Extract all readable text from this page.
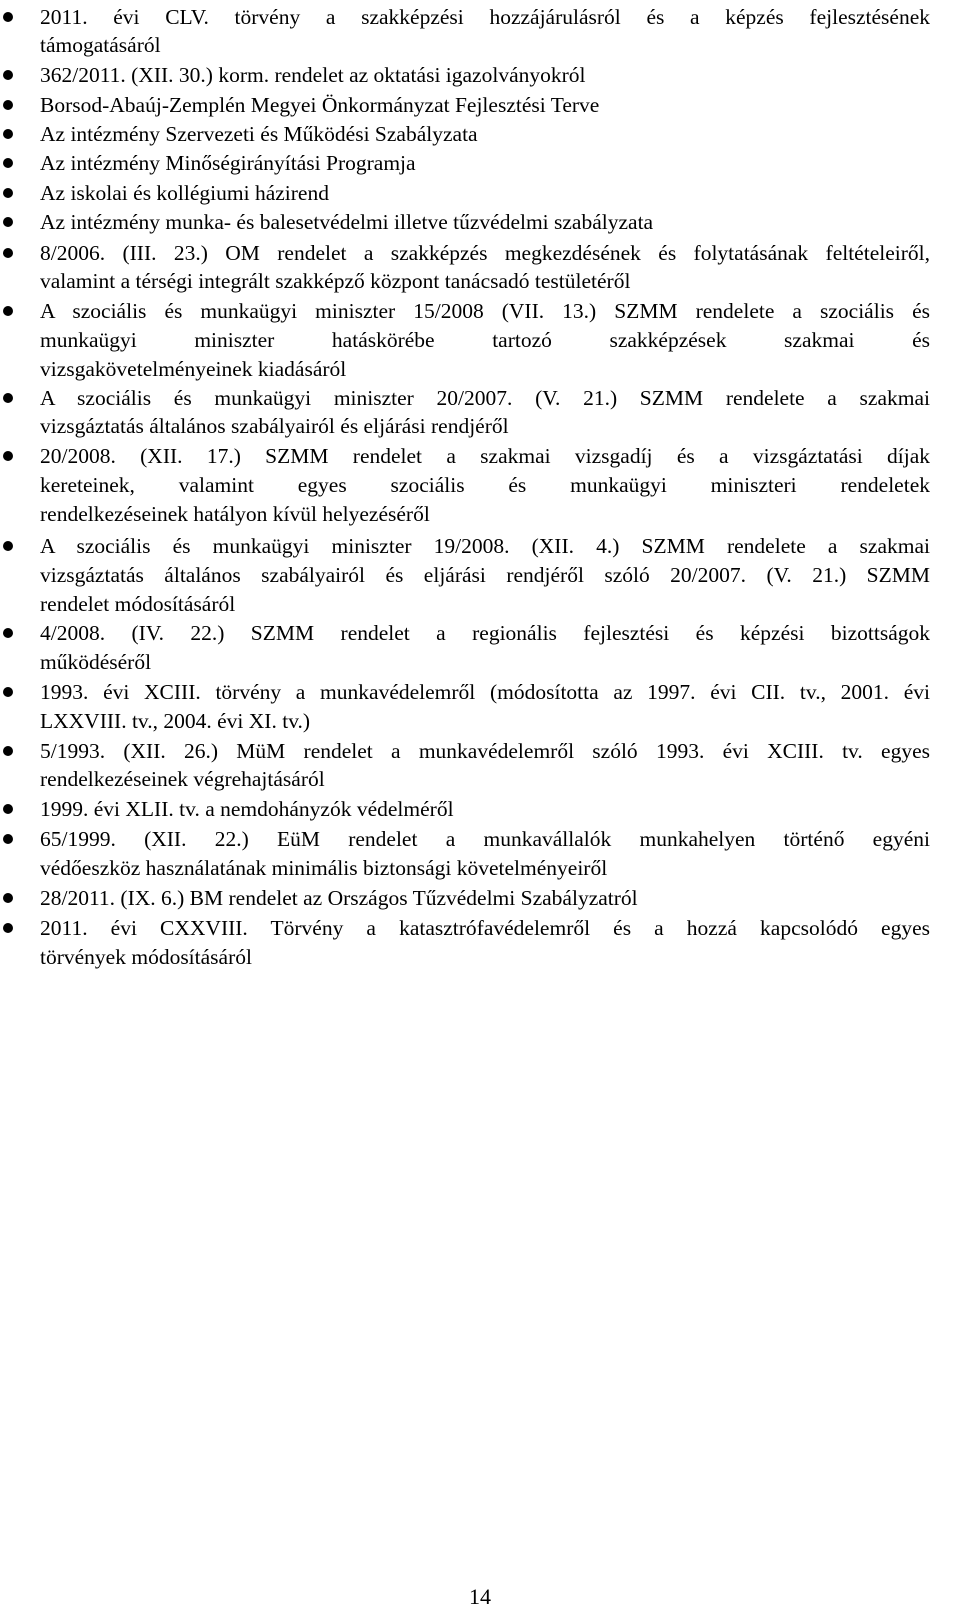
2011. évi CLV. törvény a szakképzési hozzájárulásról és a képzés fejlesztésének
támogatásáról
362/2011. (XII. 30.) korm. rendelet az oktatási igazolványokról
Borsod-Abaúj-Zemplén Megyei Önkormányzat Fejlesztési Terve
Az intézmény Szervezeti és Működési Szabályzata
Az intézmény Minőségirányítási Programja
Az iskolai és kollégiumi házirend
Az intézmény munka- és balesetvédelmi illetve tűzvédelmi szabályzata
8/2006. (III. 23.) OM rendelet a szakképzés megkezdésének és folytatásának feltételeiről,
valamint a térségi integrált szakképző központ tanácsadó testületéről
A szociális és munkaügyi miniszter 15/2008 (VII. 13.) SZMM rendelete a szociális és
munkaügyi miniszter hatáskörébe tartozó szakképzések szakmai és
vizsgakövetelményeinek kiadásáról
A szociális és munkaügyi miniszter 20/2007. (V. 21.) SZMM rendelete a szakmai
vizsgáztatás általános szabályairól és eljárási rendjéről
20/2008. (XII. 17.) SZMM rendelet a szakmai vizsgadíj és a vizsgáztatási díjak
kereteinek, valamint egyes szociális és munkaügyi miniszteri rendeletek
rendelkezéseinek hatályon kívül helyezéséről
A szociális és munkaügyi miniszter 19/2008. (XII. 4.) SZMM rendelete a szakmai
vizsgáztatás általános szabályairól és eljárási rendjéről szóló 20/2007. (V. 21.) SZMM
rendelet módosításáról
4/2008. (IV. 22.) SZMM rendelet a regionális fejlesztési és képzési bizottságok
működéséről
1993. évi XCIII. törvény a munkavédelemről (módosította az 1997. évi CII. tv., 2001. évi
LXXVIII. tv., 2004. évi XI. tv.)
5/1993. (XII. 26.) MüM rendelet a munkavédelemről szóló 1993. évi XCIII. tv. egyes
rendelkezéseinek végrehajtásáról
1999. évi XLII. tv. a nemdohányzók védelméről
65/1999. (XII. 22.) EüM rendelet a munkavállalók munkahelyen történő egyéni
védőeszköz használatának minimális biztonsági követelményeiről
28/2011. (IX. 6.) BM rendelet az Országos Tűzvédelmi Szabályzatról
2011. évi CXXVIII. Törvény a katasztrófavédelemről és a hozzá kapcsolódó egyes
törvények módosításáról
14
